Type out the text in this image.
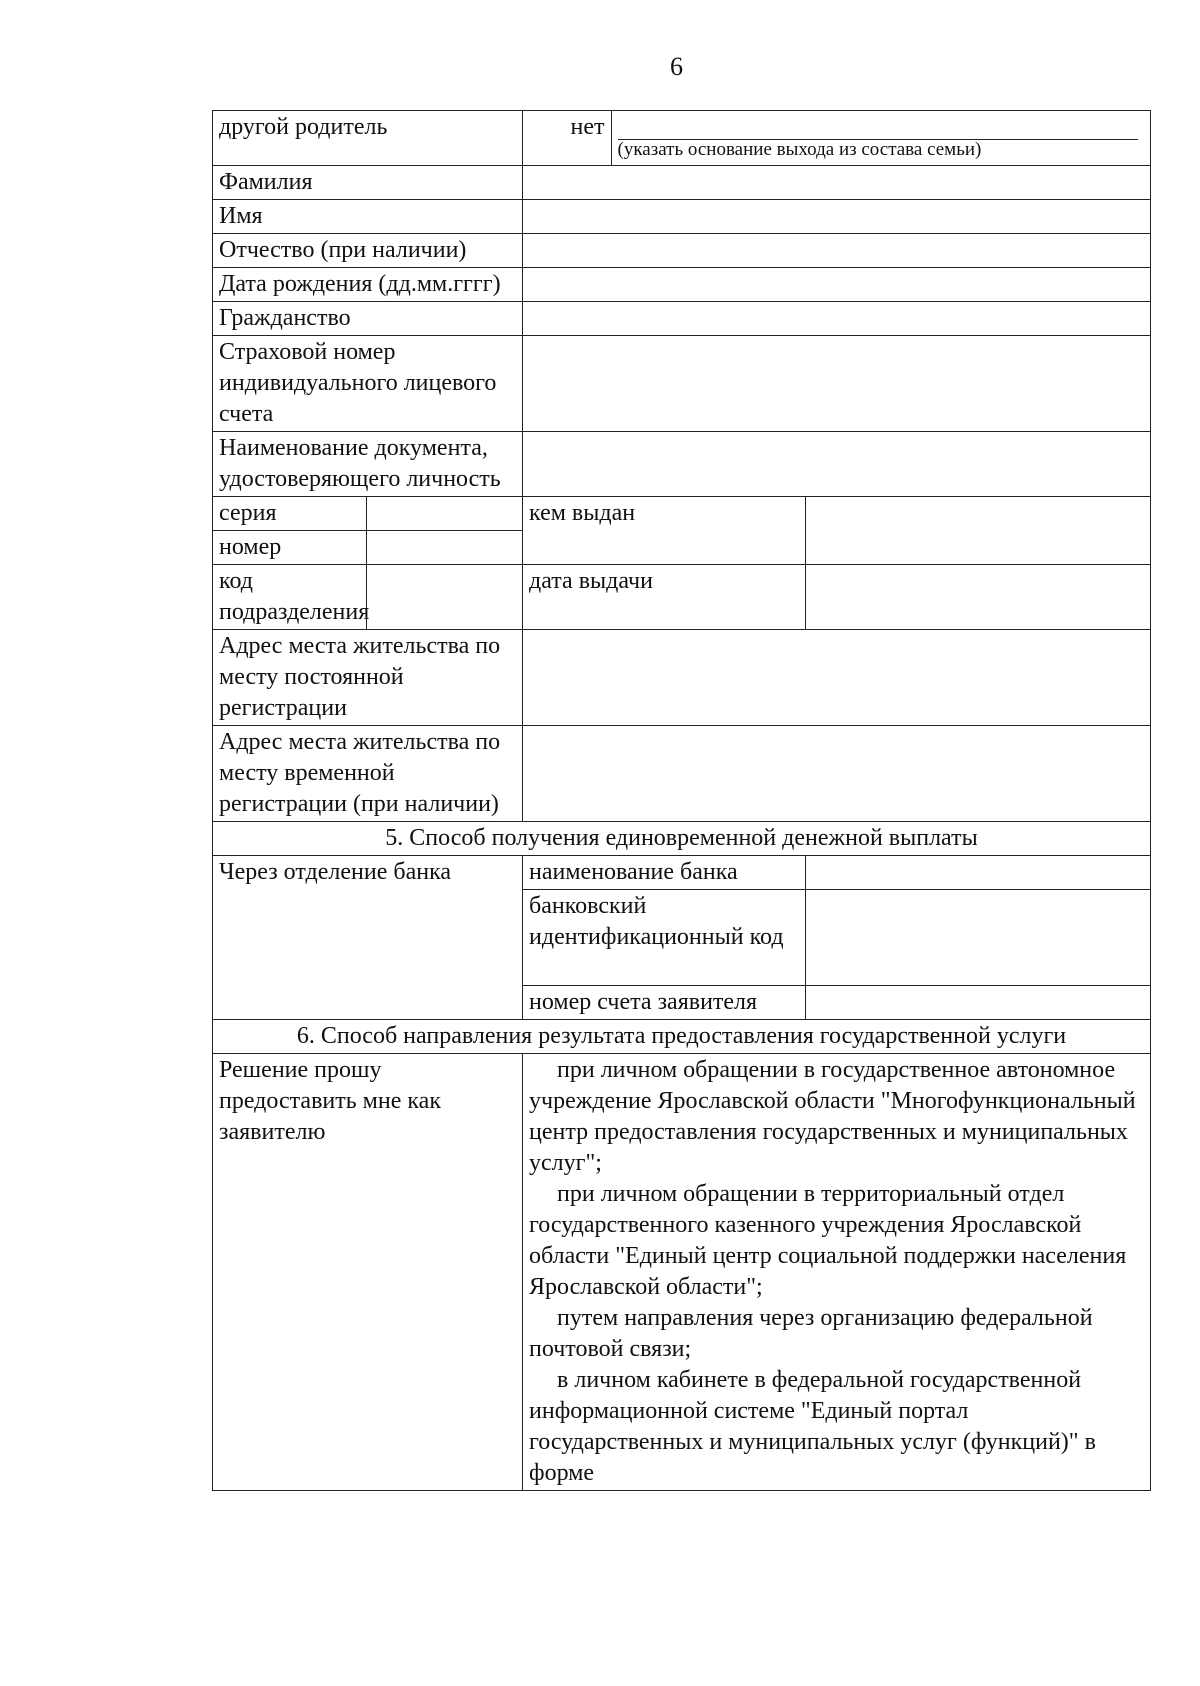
6
другой родитель		нет	
(указать основание выхода из состава семьи)

Фамилия	
Имя	
Отчество (при наличии)	
Дата рождения (дд.мм.гггг)	
Гражданство	
Страховой номер индивидуального лицевого счета	
Наименование документа, удостоверяющего личность	
серия		кем выдан	
номер	
код подразделения		дата выдачи	
Адрес места жительства по месту постоянной регистрации	
Адрес места жительства по месту временной регистрации (при наличии)	
5. Способ получения единовременной денежной выплаты
Через отделение банка	наименование банка	
банковский идентификационный код	
номер счета заявителя	
6. Способ направления результата предоставления государственной услуги
Решение прошу предоставить мне как заявителю	

при личном обращении в государственное автономное учреждение Ярославской области "Многофункциональный центр предоставления государственных и муниципальных услуг";

при личном обращении в территориальный отдел государственного казенного учреждения Ярославской области "Единый центр социальной поддержки населения Ярославской области";

путем направления через организацию федеральной почтовой связи;

в личном кабинете в федеральной государственной информационной системе "Единый портал государственных и муниципальных услуг (функций)" в форме
